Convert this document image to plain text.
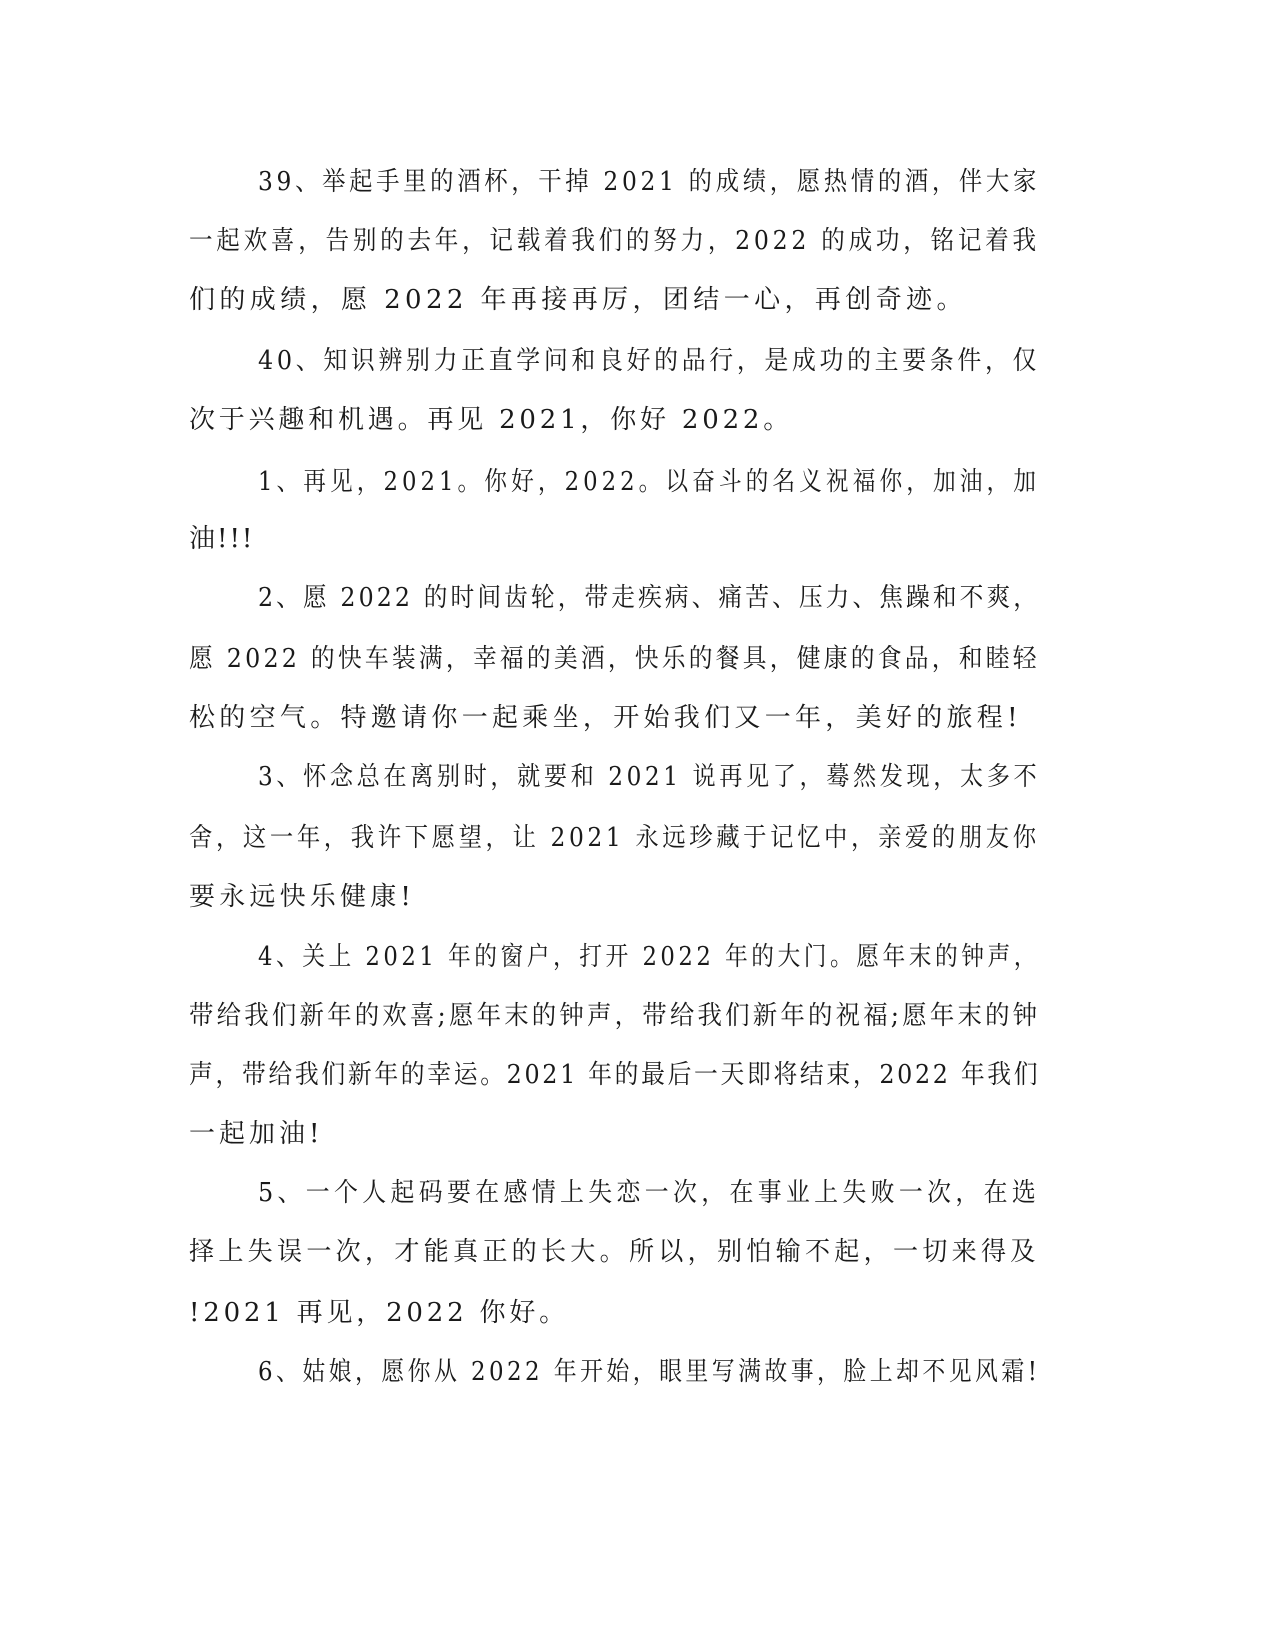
39、举起手里的酒杯，干掉 2021 的成绩，愿热情的酒，伴大家

一起欢喜，告别的去年，记载着我们的努力，2022 的成功，铭记着我

们的成绩，愿 2022 年再接再厉，团结一心，再创奇迹。

40、知识辨别力正直学问和良好的品行，是成功的主要条件，仅

次于兴趣和机遇。再见 2021，你好 2022。

1、再见，2021。你好，2022。以奋斗的名义祝福你，加油，加

油!!!

2、愿 2022 的时间齿轮，带走疾病、痛苦、压力、焦躁和不爽，

愿 2022 的快车装满，幸福的美酒，快乐的餐具，健康的食品，和睦轻

松的空气。特邀请你一起乘坐，开始我们又一年，美好的旅程!

3、怀念总在离别时，就要和 2021 说再见了，蓦然发现，太多不

舍，这一年，我许下愿望，让 2021 永远珍藏于记忆中，亲爱的朋友你

要永远快乐健康!

4、关上 2021 年的窗户，打开 2022 年的大门。愿年末的钟声，

带给我们新年的欢喜;愿年末的钟声，带给我们新年的祝福;愿年末的钟

声，带给我们新年的幸运。2021 年的最后一天即将结束，2022 年我们

一起加油!

5、一个人起码要在感情上失恋一次，在事业上失败一次，在选

择上失误一次，才能真正的长大。所以，别怕输不起，一切来得及

!2021 再见，2022 你好。

6、姑娘，愿你从 2022 年开始，眼里写满故事，脸上却不见风霜!
